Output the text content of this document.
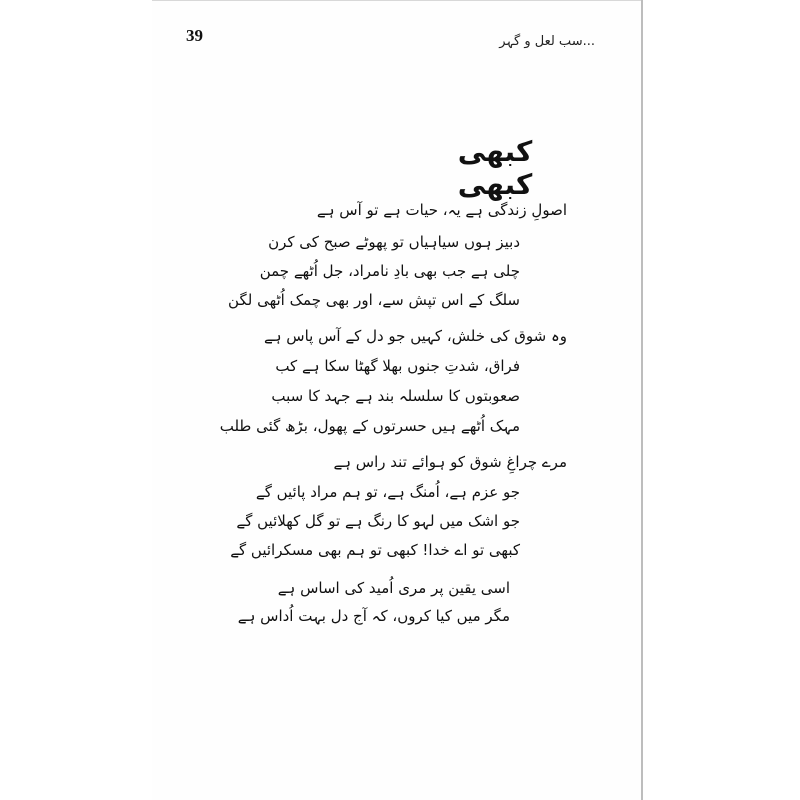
39	...سب لعل و گہر
کبھی کبھی
اصولِ زندگی ہے یہ، حیات ہے تو آس ہے
دبیز ہوں سیاہیاں تو پھوٹے صبح کی کرن
چلی ہے جب بھی بادِ نامراد، جل اُٹھے چمن
سلگ کے اس تپش سے، اور بھی چمک اُٹھی لگن
وہ شوق کی خلش، کہیں جو دل کے آس پاس ہے
فراق، شدتِ جنوں بھلا گھٹا سکا ہے کب
صعوبتوں کا سلسلہ بند ہے جہد کا سبب
مہک اُٹھے ہیں حسرتوں کے پھول، بڑھ گئی طلب
مرے چراغِ شوق کو ہوائے تند راس ہے
جو عزم ہے، اُمنگ ہے، تو ہم مراد پائیں گے
جو اشک میں لہو کا رنگ ہے تو گل کھلائیں گے
کبھی تو اے خدا! کبھی تو ہم بھی مسکرائیں گے
اسی یقین پر مری اُمید کی اساس ہے
مگر میں کیا کروں، کہ آج دل بہت اُداس ہے
